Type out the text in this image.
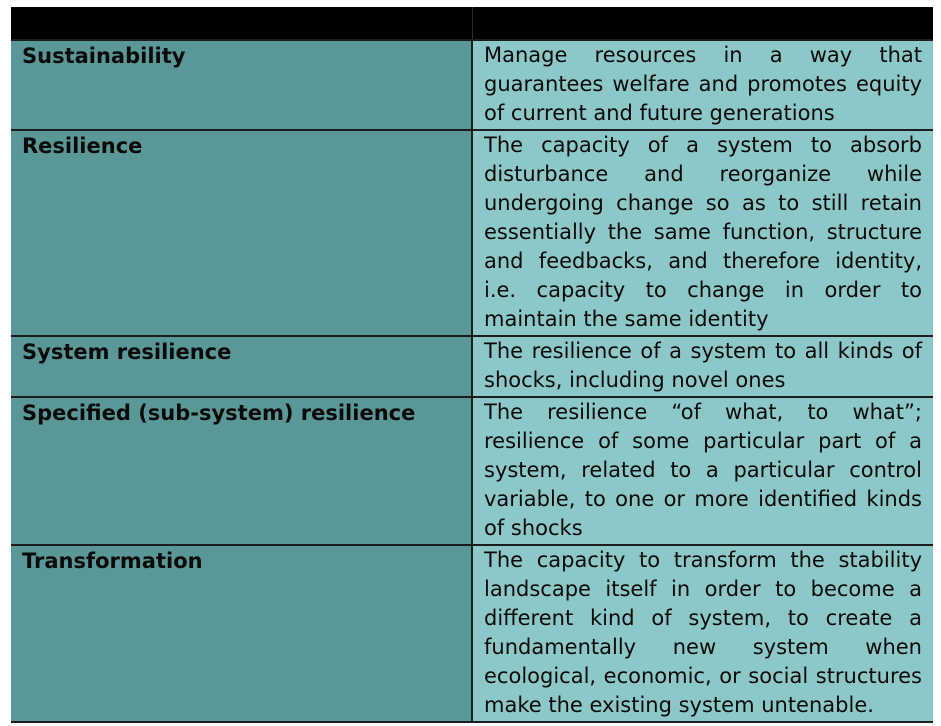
Sustainability	Manage resources in a way that guarantees welfare and promotes equity of current and future generations
Resilience	The capacity of a system to absorb disturbance and reorganize while undergoing change so as to still retain essentially the same function, structure and feedbacks, and therefore identity, i.e. capacity to change in order to maintain the same identity
System resilience	The resilience of a system to all kinds of shocks, including novel ones
Specified (sub-system) resilience	The resilience “of what, to what”; resilience of some particular part of a system, related to a particular control variable, to one or more identified kinds of shocks
Transformation	The capacity to transform the stability landscape itself in order to become a different kind of system, to create a fundamentally new system when ecological, economic, or social structures make the existing system untenable.
